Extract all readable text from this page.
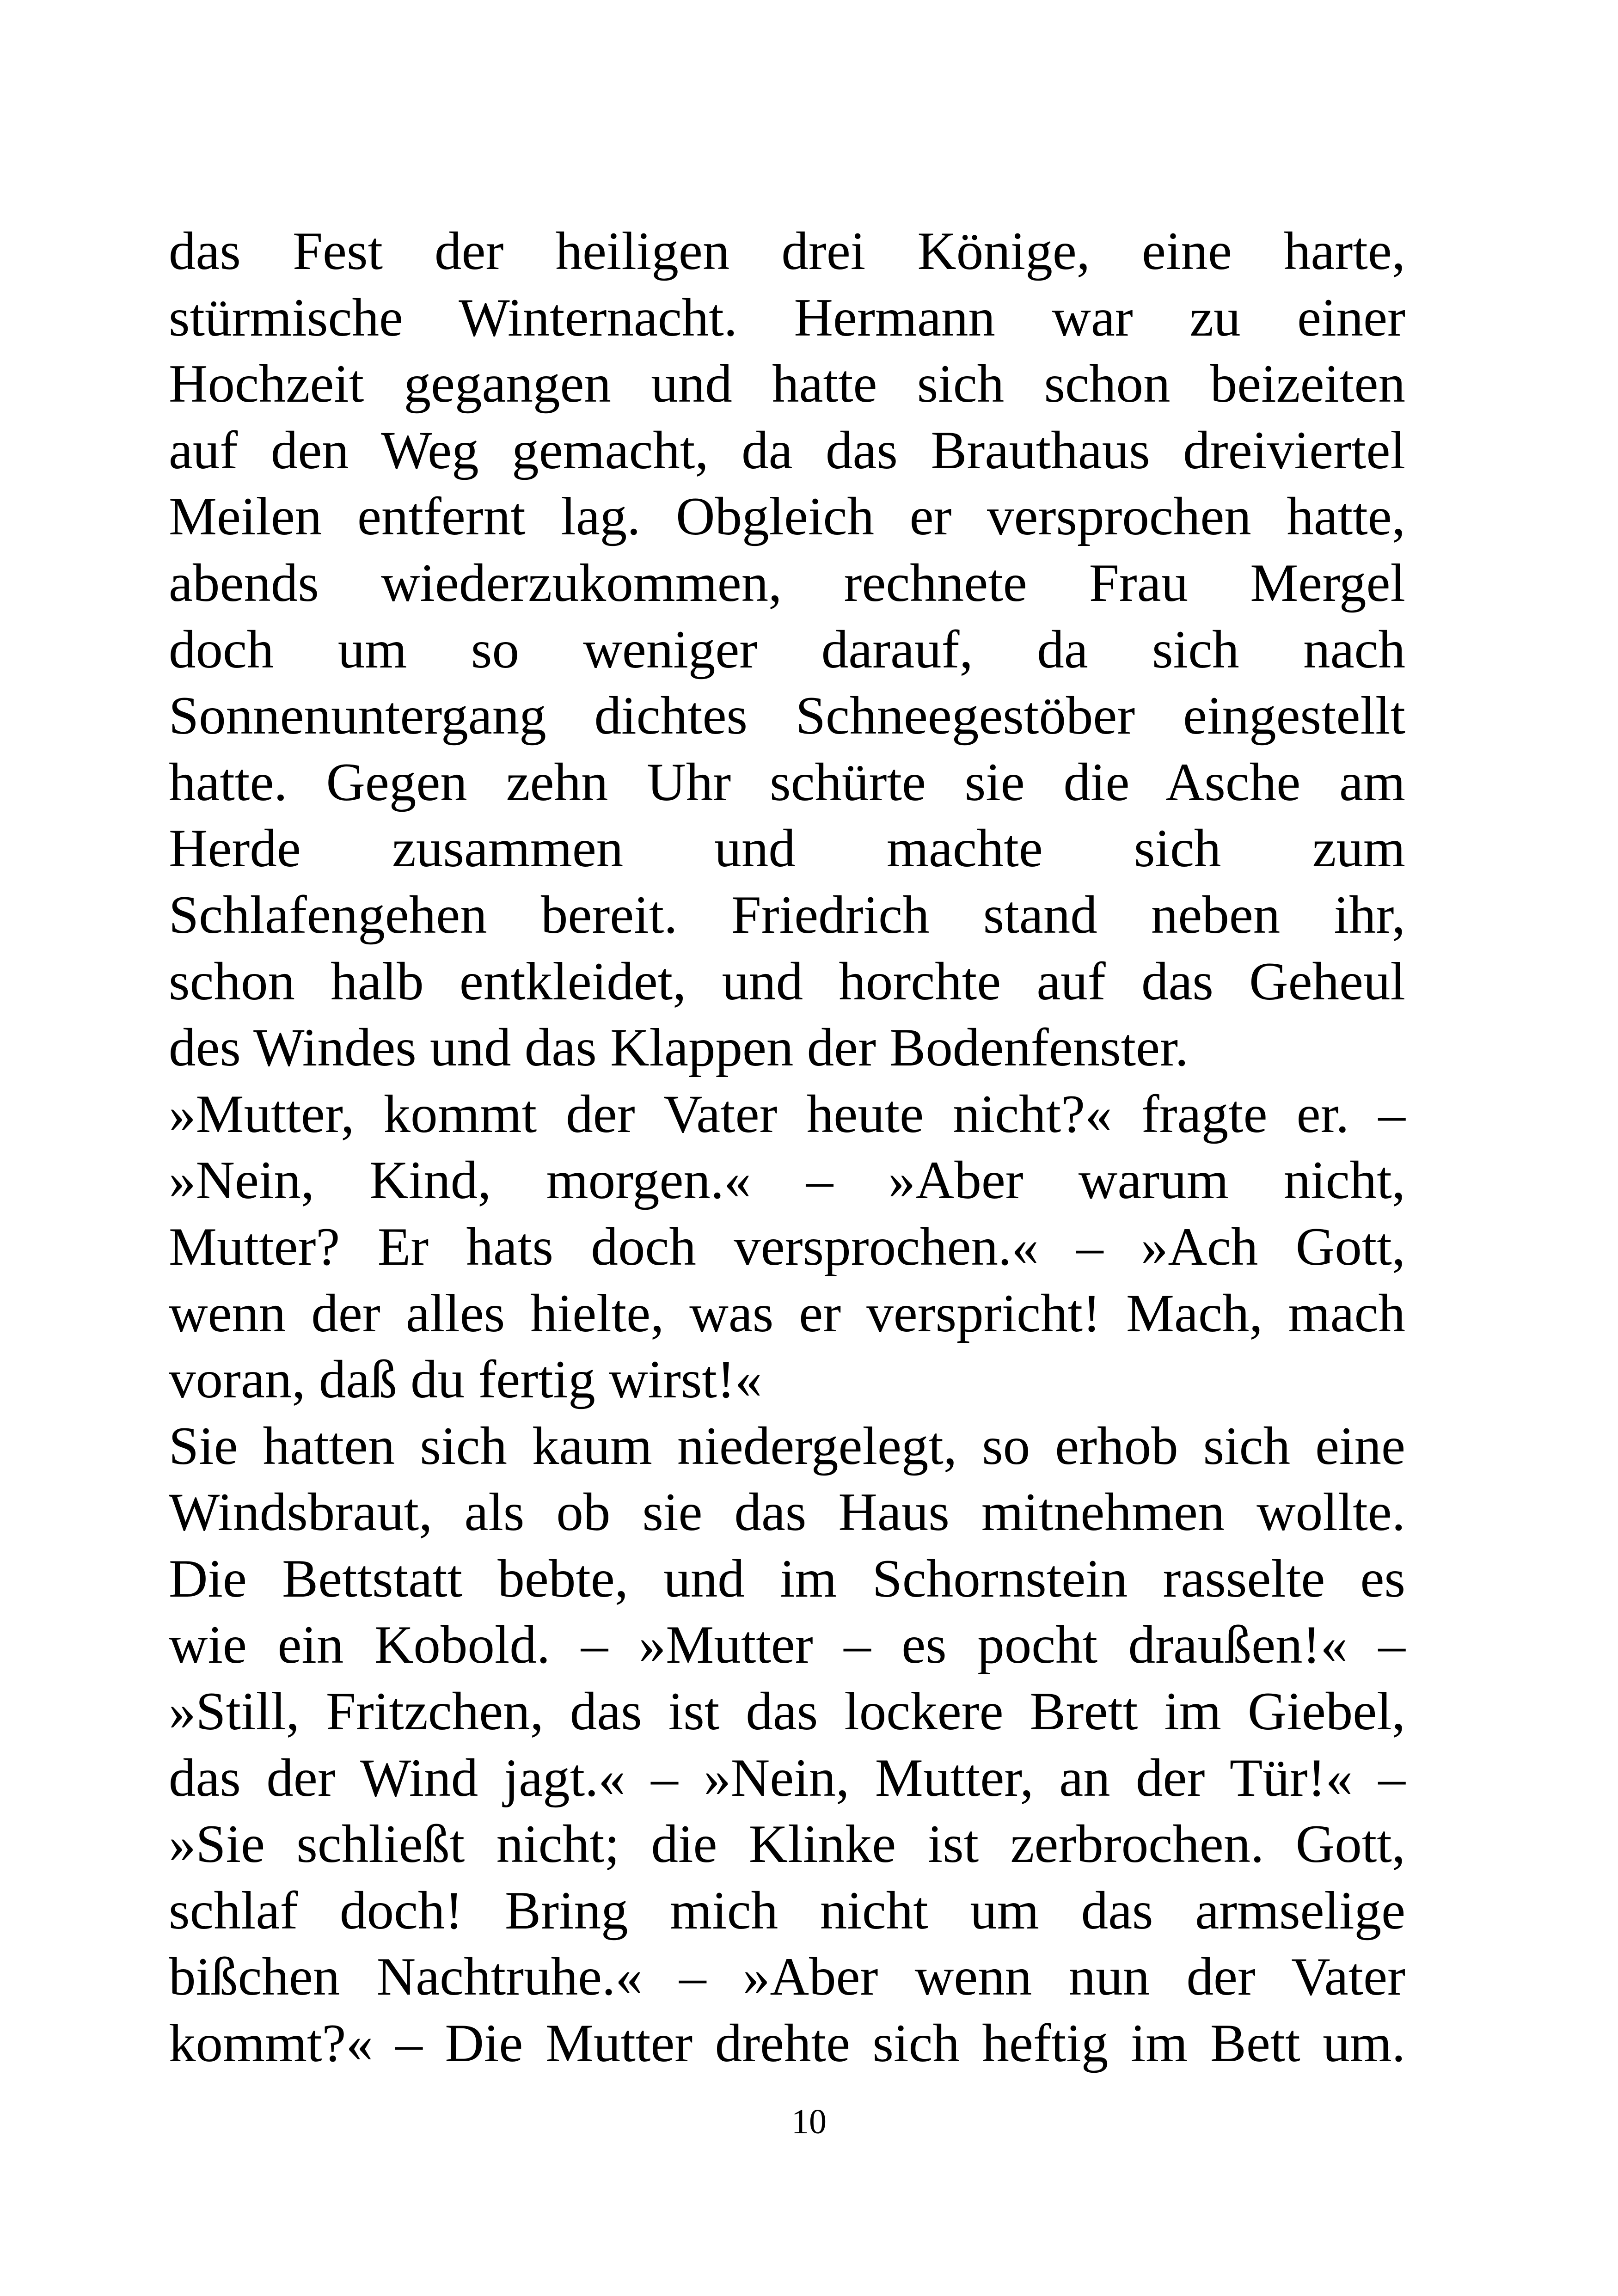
das Fest der heiligen drei Könige, eine harte,
stürmische Winternacht. Hermann war zu einer
Hochzeit gegangen und hatte sich schon beizeiten
auf den Weg gemacht, da das Brauthaus dreiviertel
Meilen entfernt lag. Obgleich er versprochen hatte,
abends wiederzukommen, rechnete Frau Mergel
doch um so weniger darauf, da sich nach
Sonnenuntergang dichtes Schneegestöber eingestellt
hatte. Gegen zehn Uhr schürte sie die Asche am
Herde zusammen und machte sich zum
Schlafengehen bereit. Friedrich stand neben ihr,
schon halb entkleidet, und horchte auf das Geheul
des Windes und das Klappen der Bodenfenster.
»Mutter, kommt der Vater heute nicht?« fragte er. –
»Nein, Kind, morgen.« – »Aber warum nicht,
Mutter? Er hats doch versprochen.« – »Ach Gott,
wenn der alles hielte, was er verspricht! Mach, mach
voran, daß du fertig wirst!«
Sie hatten sich kaum niedergelegt, so erhob sich eine
Windsbraut, als ob sie das Haus mitnehmen wollte.
Die Bettstatt bebte, und im Schornstein rasselte es
wie ein Kobold. – »Mutter – es pocht draußen!« –
»Still, Fritzchen, das ist das lockere Brett im Giebel,
das der Wind jagt.« – »Nein, Mutter, an der Tür!« –
»Sie schließt nicht; die Klinke ist zerbrochen. Gott,
schlaf doch! Bring mich nicht um das armselige
bißchen Nachtruhe.« – »Aber wenn nun der Vater
kommt?« – Die Mutter drehte sich heftig im Bett um.
10
